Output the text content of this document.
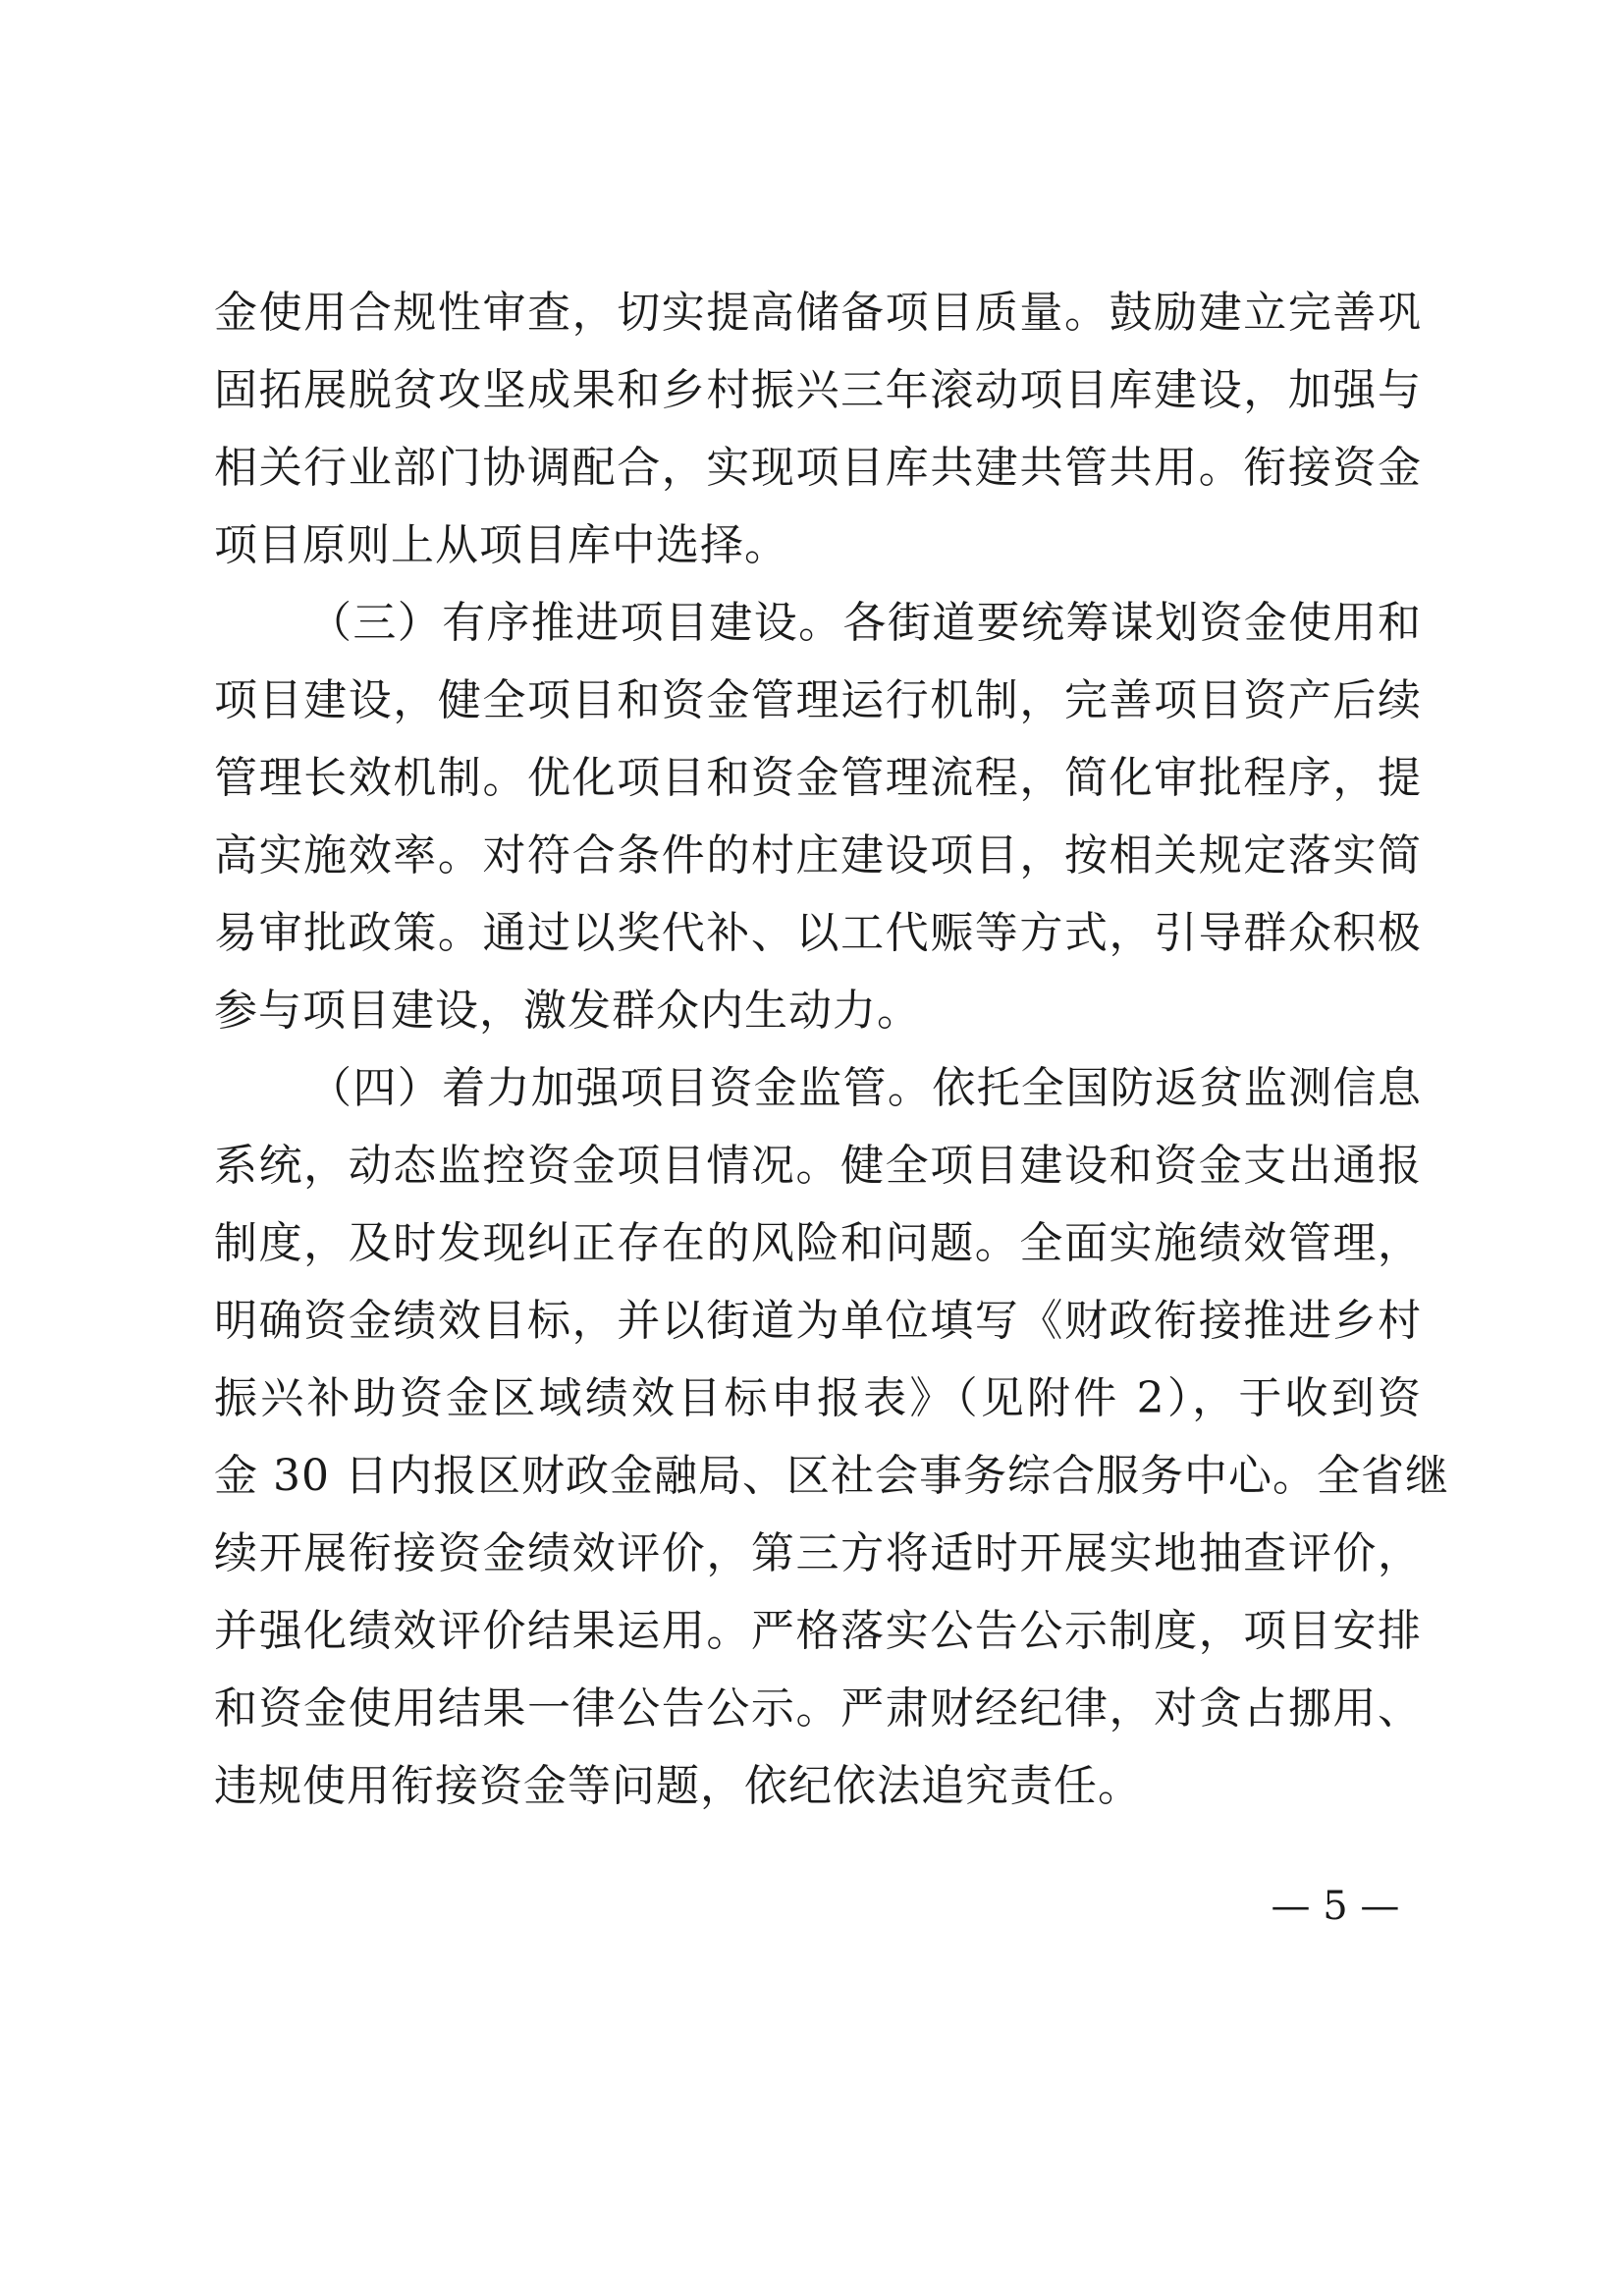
金使用合规性审查，切实提高储备项目质量。鼓励建立完善巩
固拓展脱贫攻坚成果和乡村振兴三年滚动项目库建设，加强与
相关行业部门协调配合，实现项目库共建共管共用。衔接资金
项目原则上从项目库中选择。
（三）有序推进项目建设。各街道要统筹谋划资金使用和
项目建设，健全项目和资金管理运行机制，完善项目资产后续
管理长效机制。优化项目和资金管理流程，简化审批程序，提
高实施效率。对符合条件的村庄建设项目，按相关规定落实简
易审批政策。通过以奖代补、以工代赈等方式，引导群众积极
参与项目建设，激发群众内生动力。
（四）着力加强项目资金监管。依托全国防返贫监测信息
系统，动态监控资金项目情况。健全项目建设和资金支出通报
制度，及时发现纠正存在的风险和问题。全面实施绩效管理，
明确资金绩效目标，并以街道为单位填写《财政衔接推进乡村
振兴补助资金区域绩效目标申报表》（见附件 2），于收到资
金 30 日内报区财政金融局、区社会事务综合服务中心。全省继
续开展衔接资金绩效评价，第三方将适时开展实地抽查评价，
并强化绩效评价结果运用。严格落实公告公示制度，项目安排
和资金使用结果一律公告公示。严肃财经纪律，对贪占挪用、
违规使用衔接资金等问题，依纪依法追究责任。
— 5 —
